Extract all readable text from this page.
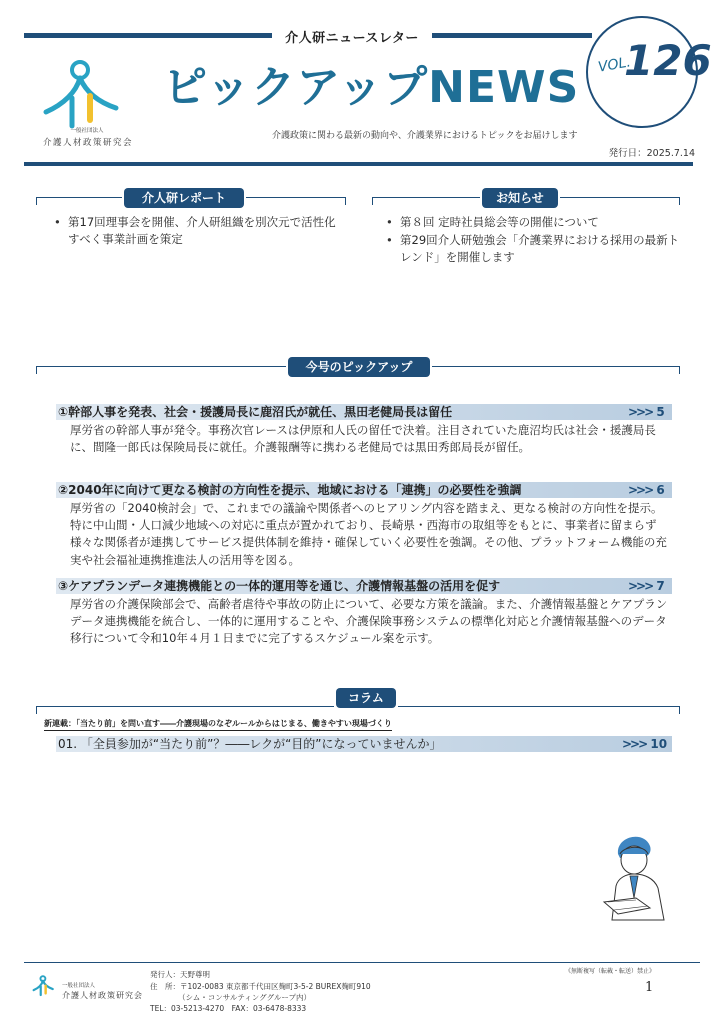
介人研ニュースレター
一般社団法人
介護人材政策研究会
ピックアップNEWS
介護政策に関わる最新の動向や、介護業界におけるトピックをお届けします
発行日：2025.7.14
VOL.
126
介人研レポート
• 第17回理事会を開催、介人研組織を別次元で活性化すべく事業計画を策定
お知らせ
• 第８回 定時社員総会等の開催について
• 第29回介人研勉強会「介護業界における採用の最新トレンド」を開催します
今号のピックアップ
①幹部人事を発表、社会・援護局長に鹿沼氏が就任、黒田老健局長は留任	>>> 5
厚労省の幹部人事が発令。事務次官レースは伊原和人氏の留任で決着。注目されていた鹿沼均氏は社会・援護局長に、間隆一郎氏は保険局長に就任。介護報酬等に携わる老健局では黒田秀郎局長が留任。
②2040年に向けて更なる検討の方向性を提示、地域における「連携」の必要性を強調	>>> 6
厚労省の「2040検討会」で、これまでの議論や関係者へのヒアリング内容を踏まえ、更なる検討の方向性を提示。特に中山間・人口減少地域への対応に重点が置かれており、長崎県・西海市の取組等をもとに、事業者に留まらず様々な関係者が連携してサービス提供体制を維持・確保していく必要性を強調。その他、プラットフォーム機能の充実や社会福祉連携推進法人の活用等を図る。
③ケアプランデータ連携機能との一体的運用等を通じ、介護情報基盤の活用を促す	>>> 7
厚労省の介護保険部会で、高齢者虐待や事故の防止について、必要な方策を議論。また、介護情報基盤とケアプランデータ連携機能を統合し、一体的に運用することや、介護保険事務システムの標準化対応と介護情報基盤へのデータ移行について令和10年４月１日までに完了するスケジュール案を示す。
コラム
新連載：「当たり前」を問い直す――介護現場のなぞルールからはじまる、働きやすい現場づくり
01. 「全員参加が“当たり前”？――レクが“目的”になっていませんか」	>>> 10
一般社団法人
介護人材政策研究会
発行人：天野尊明
住　所：〒102-0083 東京都千代田区麹町3-5-2 BUREX麹町910
（シム・コンサルティンググループ内）
TEL：03-5213-4270　FAX：03-6478-8333
《無断複写（転載・転送）禁止》
1
